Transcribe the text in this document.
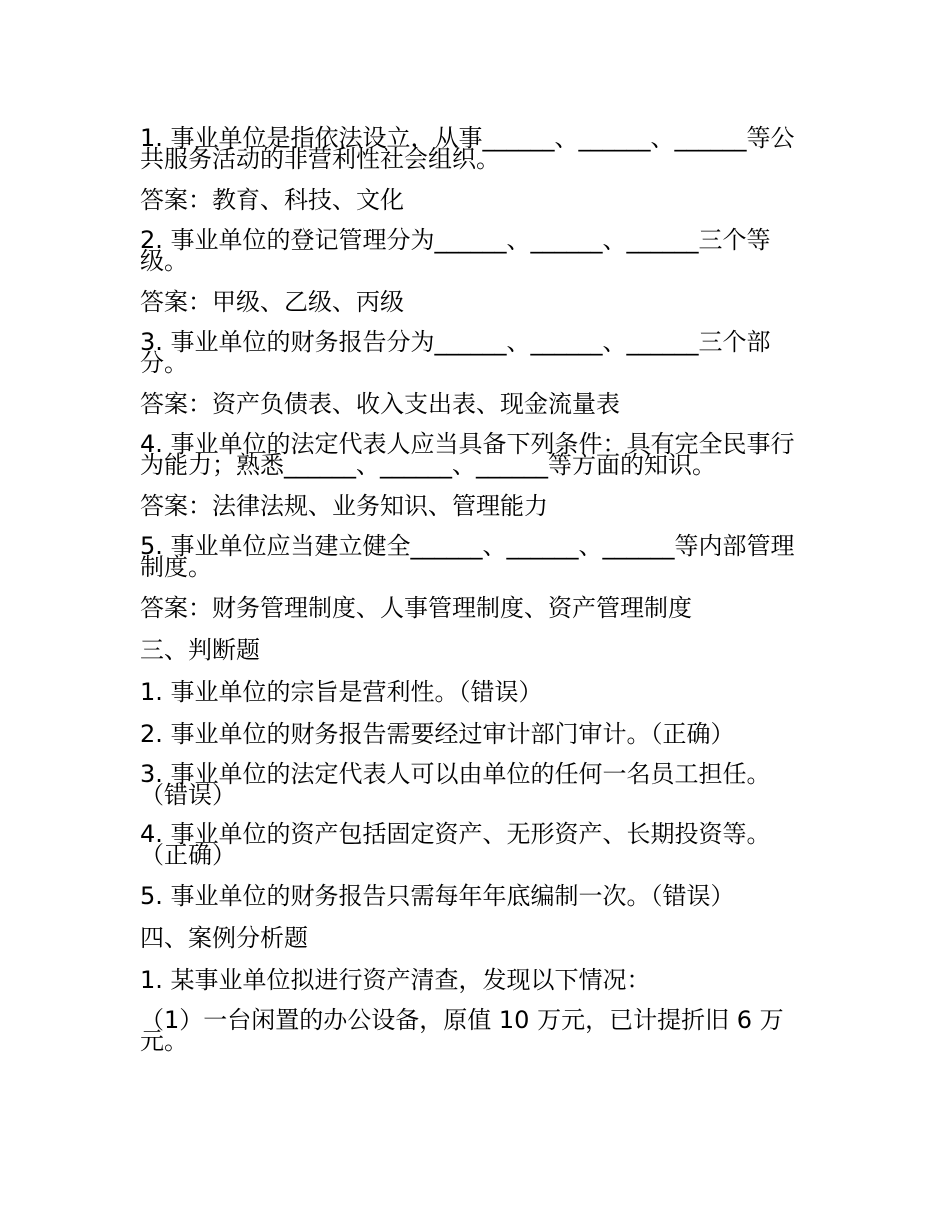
1. 事业单位是指依法设立，从事______、______、______等公共服务活动的非营利性社会组织。

答案：教育、科技、文化

2. 事业单位的登记管理分为______、______、______三个等级。

答案：甲级、乙级、丙级

3. 事业单位的财务报告分为______、______、______三个部分。

答案：资产负债表、收入支出表、现金流量表

4. 事业单位的法定代表人应当具备下列条件：具有完全民事行为能力；熟悉______、______、______等方面的知识。

答案：法律法规、业务知识、管理能力

5. 事业单位应当建立健全______、______、______等内部管理制度。

答案：财务管理制度、人事管理制度、资产管理制度

三、判断题

1. 事业单位的宗旨是营利性。（错误）

2. 事业单位的财务报告需要经过审计部门审计。（正确）

3. 事业单位的法定代表人可以由单位的任何一名员工担任。（错误）

4. 事业单位的资产包括固定资产、无形资产、长期投资等。（正确）

5. 事业单位的财务报告只需每年年底编制一次。（错误）

四、案例分析题

1. 某事业单位拟进行资产清查，发现以下情况：

（1）一台闲置的办公设备，原值 10 万元，已计提折旧 6 万元。
